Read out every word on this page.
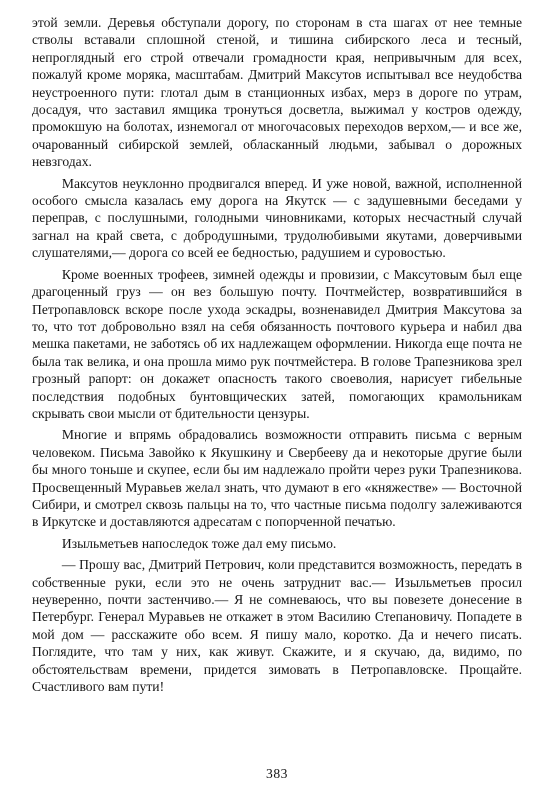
этой земли. Деревья обступали дорогу, по сторонам в ста шагах от нее темные стволы вставали сплошной стеной, и тишина сибирского леса и тесный, непроглядный его строй отвечали громадности края, непривычным для всех, пожалуй кроме моряка, масштабам. Дмитрий Максутов испытывал все неудобства неустроенного пути: глотал дым в станционных избах, мерз в дороге по утрам, досадуя, что заставил ямщика тронуться досветла, выжимал у костров одежду, промокшую на болотах, изнемогал от многочасовых переходов верхом,— и все же, очарованный сибирской землей, обласканный людьми, забывал о дорожных невзгодах.

Максутов неуклонно продвигался вперед. И уже новой, важной, исполненной особого смысла казалась ему дорога на Якутск — с задушевными беседами у переправ, с послушными, голодными чиновниками, которых несчастный случай загнал на край света, с добродушными, трудолюбивыми якутами, доверчивыми слушателями,— дорога со всей ее бедностью, радушием и суровостью.

Кроме военных трофеев, зимней одежды и провизии, с Максутовым был еще драгоценный груз — он вез большую почту. Почтмейстер, возвратившийся в Петропавловск вскоре после ухода эскадры, возненавидел Дмитрия Максутова за то, что тот добровольно взял на себя обязанность почтового курьера и набил два мешка пакетами, не заботясь об их надлежащем оформлении. Никогда еще почта не была так велика, и она прошла мимо рук почтмейстера. В голове Трапезникова зрел грозный рапорт: он докажет опасность такого своеволия, нарисует гибельные последствия подобных бунтовщических затей, помогающих крамольникам скрывать свои мысли от бдительности цензуры.

Многие и впрямь обрадовались возможности отправить письма с верным человеком. Письма Завойко к Якушкину и Свербееву да и некоторые другие были бы много тоньше и скупее, если бы им надлежало пройти через руки Трапезникова. Просвещенный Муравьев желал знать, что думают в его «княжестве» — Восточной Сибири, и смотрел сквозь пальцы на то, что частные письма подолгу залеживаются в Иркутске и доставляются адресатам с попорченной печатью.

Изыльметьев напоследок тоже дал ему письмо.

— Прошу вас, Дмитрий Петрович, коли представится возможность, передать в собственные руки, если это не очень затруднит вас.— Изыльметьев просил неуверенно, почти застенчиво.— Я не сомневаюсь, что вы повезете донесение в Петербург. Генерал Муравьев не откажет в этом Василию Степановичу. Попадете в мой дом — расскажите обо всем. Я пишу мало, коротко. Да и нечего писать. Поглядите, что там у них, как живут. Скажите, и я скучаю, да, видимо, по обстоятельствам времени, придется зимовать в Петропавловске. Прощайте. Счастливого вам пути!

383
